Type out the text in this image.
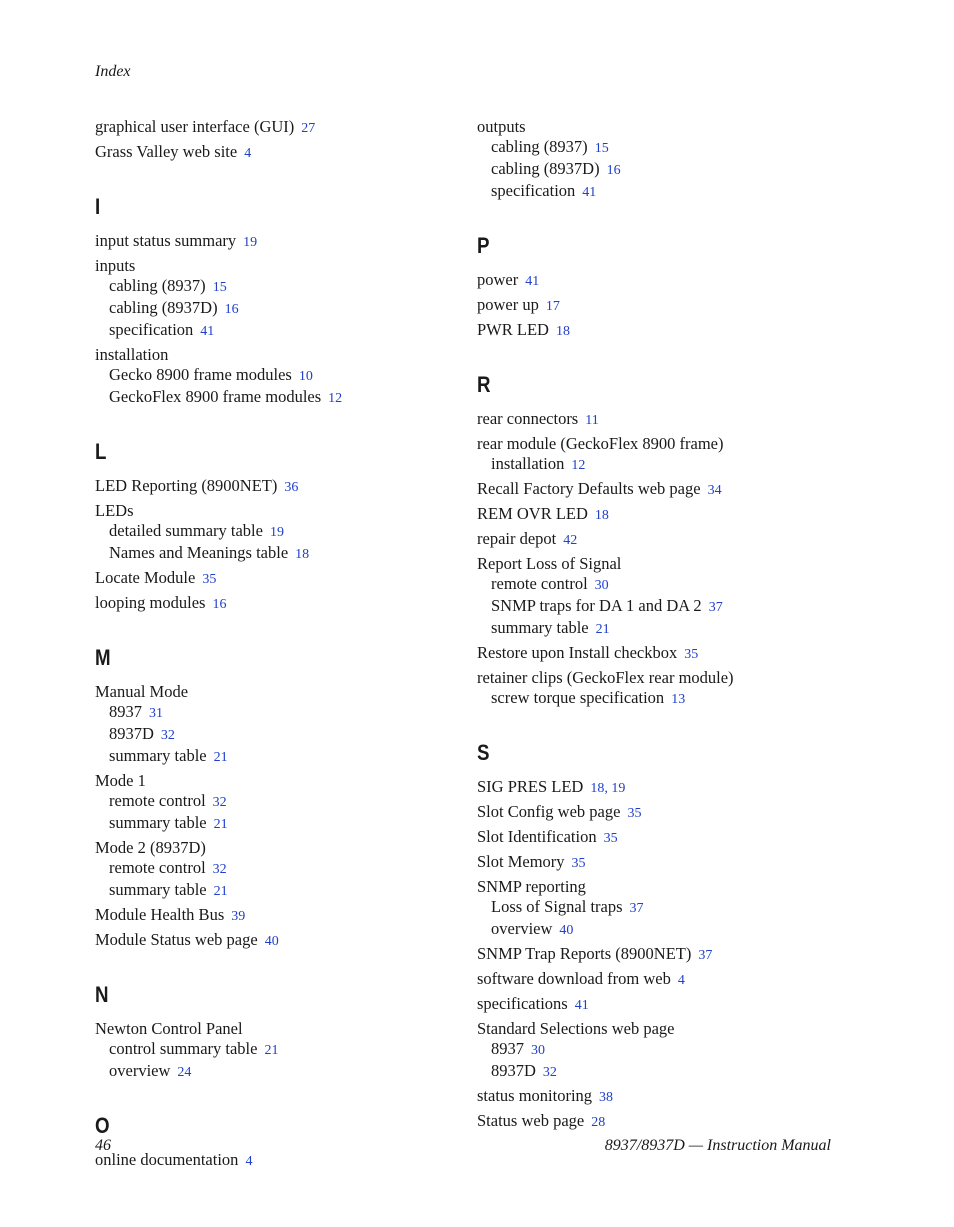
Index
graphical user interface (GUI) 27
Grass Valley web site 4
I
input status summary 19
inputs
cabling (8937) 15
cabling (8937D) 16
specification 41
installation
Gecko 8900 frame modules 10
GeckoFlex 8900 frame modules 12
L
LED Reporting (8900NET) 36
LEDs
detailed summary table 19
Names and Meanings table 18
Locate Module 35
looping modules 16
M
Manual Mode
8937 31
8937D 32
summary table 21
Mode 1
remote control 32
summary table 21
Mode 2 (8937D)
remote control 32
summary table 21
Module Health Bus 39
Module Status web page 40
N
Newton Control Panel
control summary table 21
overview 24
O
online documentation 4
outputs
cabling (8937) 15
cabling (8937D) 16
specification 41
P
power 41
power up 17
PWR LED 18
R
rear connectors 11
rear module (GeckoFlex 8900 frame)
installation 12
Recall Factory Defaults web page 34
REM OVR LED 18
repair depot 42
Report Loss of Signal
remote control 30
SNMP traps for DA 1 and DA 2 37
summary table 21
Restore upon Install checkbox 35
retainer clips (GeckoFlex rear module)
screw torque specification 13
S
SIG PRES LED 18, 19
Slot Config web page 35
Slot Identification 35
Slot Memory 35
SNMP reporting
Loss of Signal traps 37
overview 40
SNMP Trap Reports (8900NET) 37
software download from web 4
specifications 41
Standard Selections web page
8937 30
8937D 32
status monitoring 38
Status web page 28
46	8937/8937D — Instruction Manual
